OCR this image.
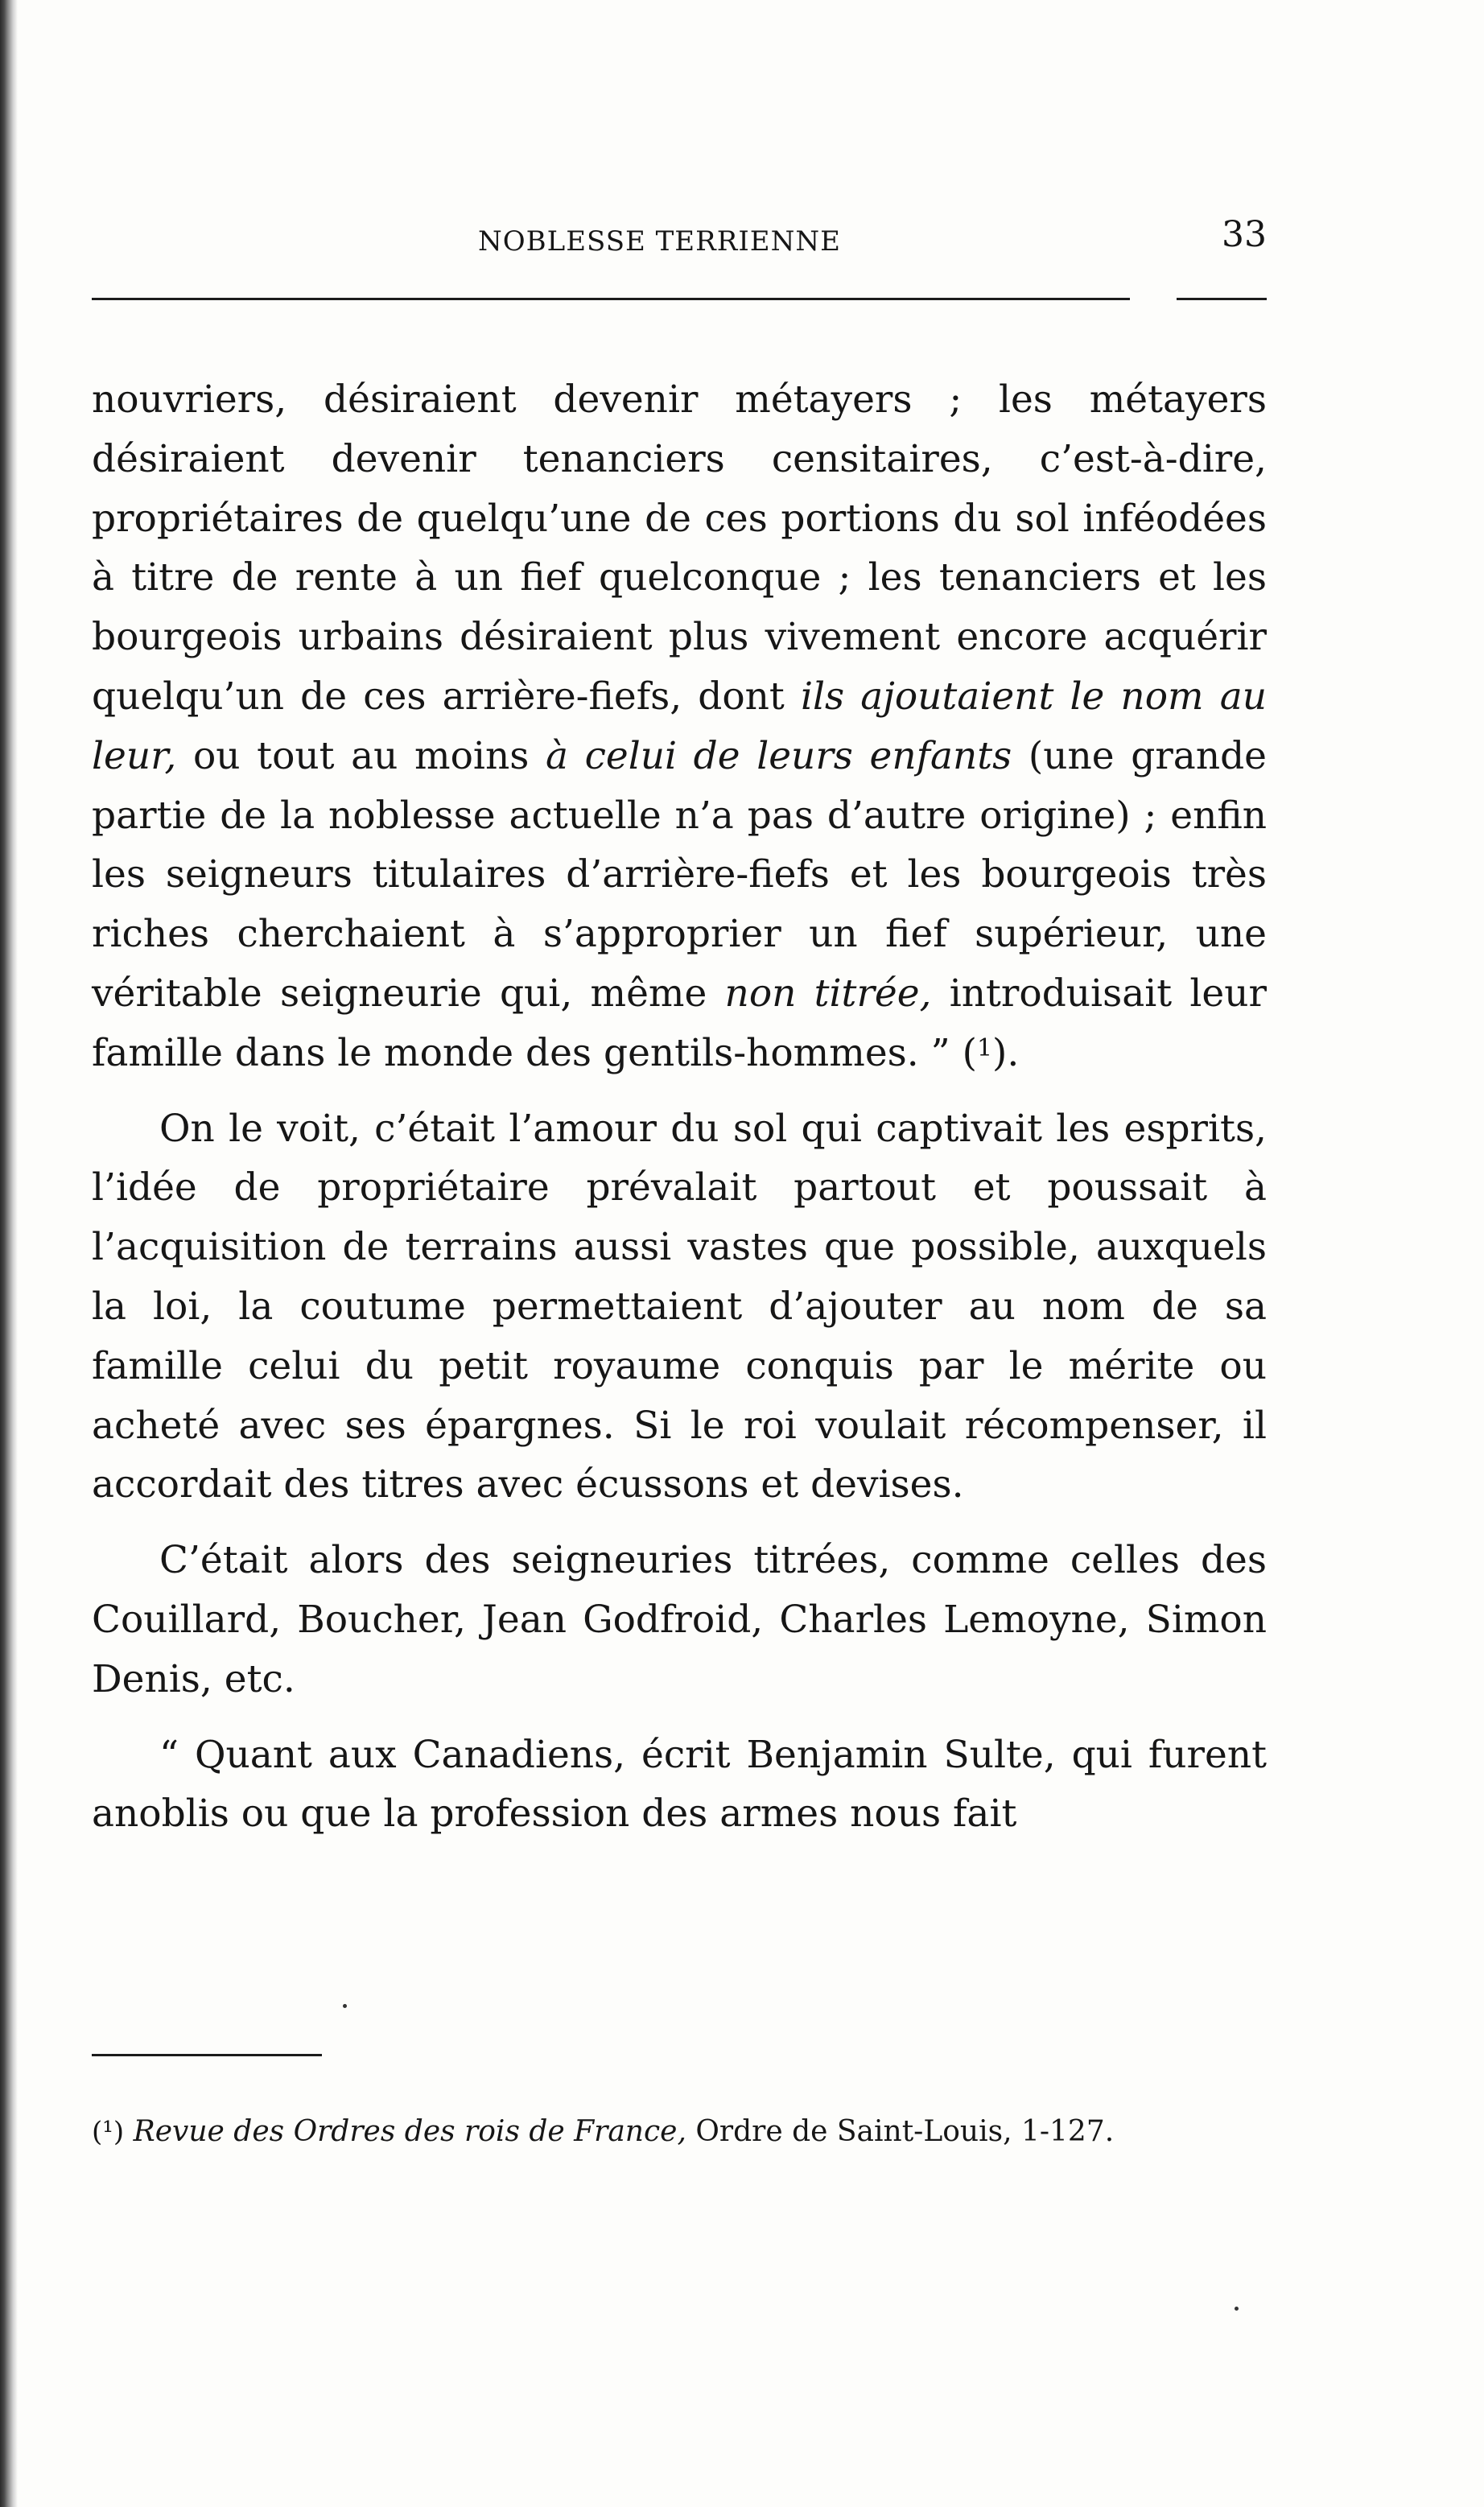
NOBLESSE TERRIENNE	33

nouvriers, désiraient devenir métayers ; les métayers désiraient devenir tenanciers censitaires, c’est-à-dire, propriétaires de quelqu’une de ces portions du sol inféodées à titre de rente à un fief quelconque ; les tenanciers et les bourgeois urbains désiraient plus vivement encore acquérir quelqu’un de ces arrière-fiefs, dont ils ajoutaient le nom au leur, ou tout au moins à celui de leurs enfants (une grande partie de la noblesse actuelle n’a pas d’autre origine) ; enfin les seigneurs titulaires d’arrière-fiefs et les bourgeois très riches cherchaient à s’approprier un fief supérieur, une véritable seigneurie qui, même non titrée, introduisait leur famille dans le monde des gentils-hommes. ” ($^1$).

On le voit, c’était l’amour du sol qui captivait les esprits, l’idée de propriétaire prévalait partout et poussait à l’acquisition de terrains aussi vastes que possible, auxquels la loi, la coutume permettaient d’ajouter au nom de sa famille celui du petit royaume conquis par le mérite ou acheté avec ses épargnes. Si le roi voulait récompenser, il accordait des titres avec écussons et devises.

C’était alors des seigneuries titrées, comme celles des Couillard, Boucher, Jean Godfroid, Charles Lemoyne, Simon Denis, etc.

“ Quant aux Canadiens, écrit Benjamin Sulte, qui furent anoblis ou que la profession des armes nous fait

(¹) Revue des Ordres des rois de France, Ordre de Saint-Louis, 1-127.
